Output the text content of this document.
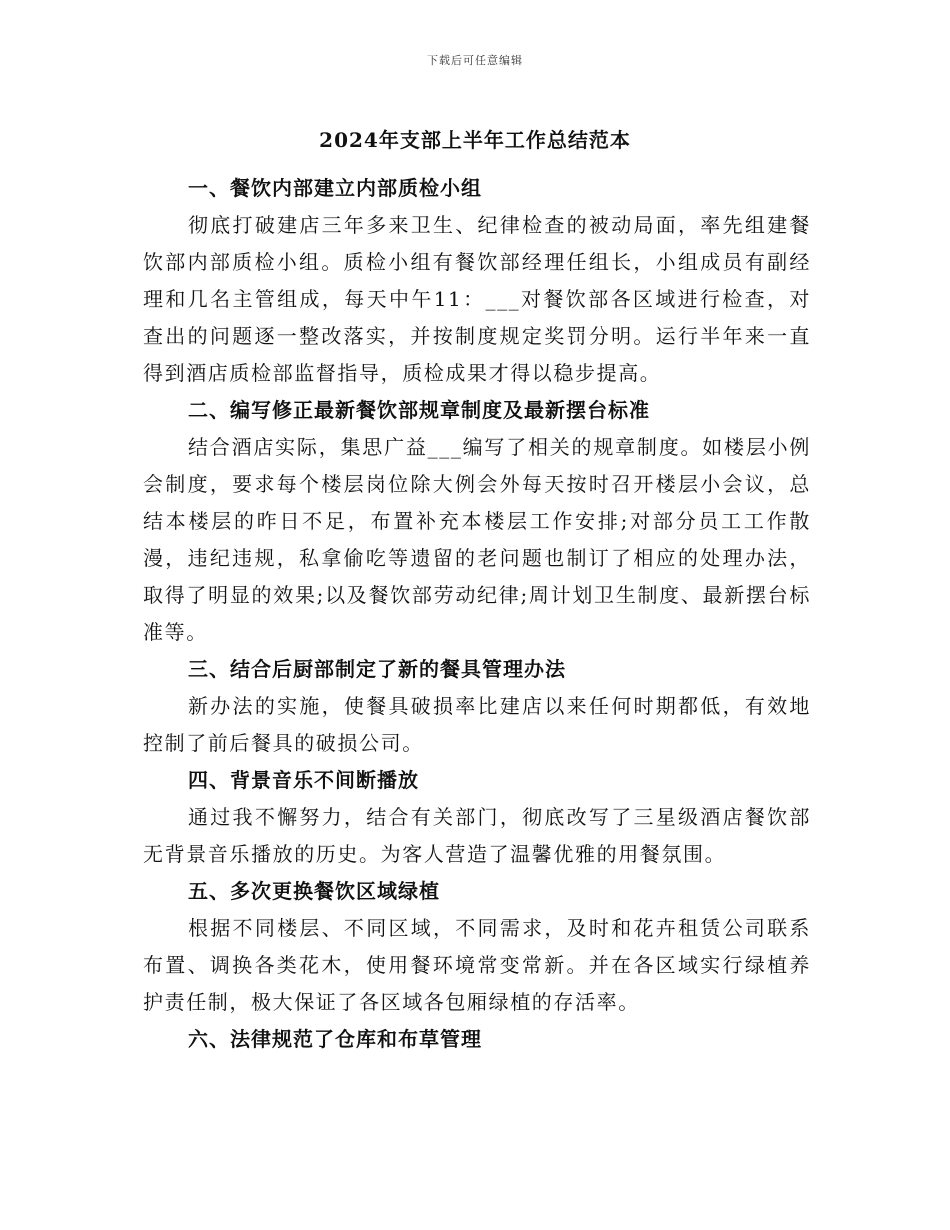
下载后可任意编辑
2024年支部上半年工作总结范本

一、餐饮内部建立内部质检小组

彻底打破建店三年多来卫生、纪律检查的被动局面，率先组建餐饮部内部质检小组。质检小组有餐饮部经理任组长，小组成员有副经理和几名主管组成，每天中午11：___对餐饮部各区域进行检查，对查出的问题逐一整改落实，并按制度规定奖罚分明。运行半年来一直得到酒店质检部监督指导，质检成果才得以稳步提高。

二、编写修正最新餐饮部规章制度及最新摆台标准

结合酒店实际，集思广益___编写了相关的规章制度。如楼层小例会制度，要求每个楼层岗位除大例会外每天按时召开楼层小会议，总结本楼层的昨日不足，布置补充本楼层工作安排;对部分员工工作散漫，违纪违规，私拿偷吃等遗留的老问题也制订了相应的处理办法，取得了明显的效果;以及餐饮部劳动纪律;周计划卫生制度、最新摆台标准等。

三、结合后厨部制定了新的餐具管理办法

新办法的实施，使餐具破损率比建店以来任何时期都低，有效地控制了前后餐具的破损公司。

四、背景音乐不间断播放

通过我不懈努力，结合有关部门，彻底改写了三星级酒店餐饮部无背景音乐播放的历史。为客人营造了温馨优雅的用餐氛围。

五、多次更换餐饮区域绿植

根据不同楼层、不同区域，不同需求，及时和花卉租赁公司联系布置、调换各类花木，使用餐环境常变常新。并在各区域实行绿植养护责任制，极大保证了各区域各包厢绿植的存活率。

六、法律规范了仓库和布草管理
